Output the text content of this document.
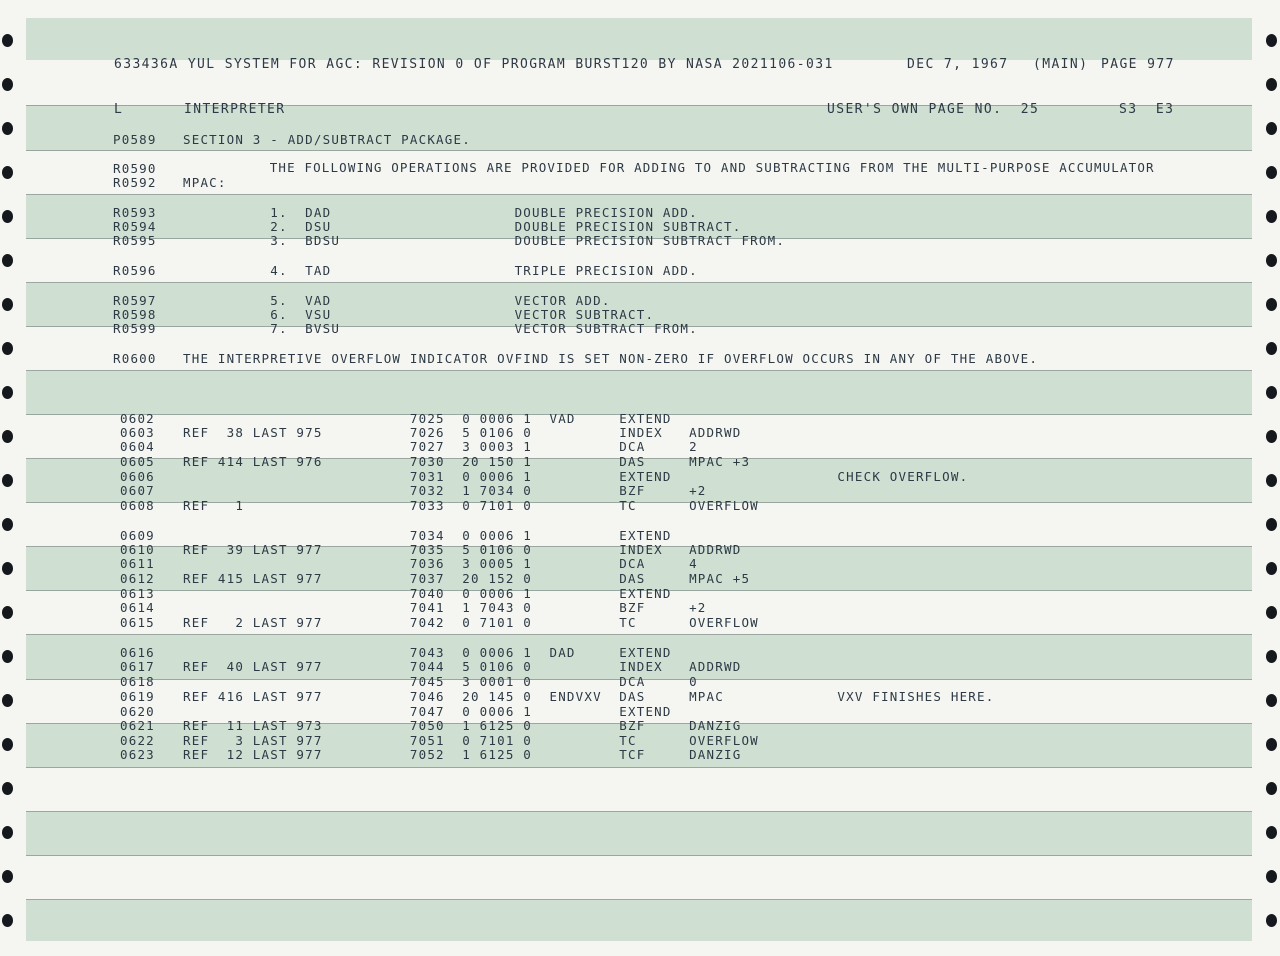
633436A YUL SYSTEM FOR AGC: REVISION 0 OF PROGRAM BURST120 BY NASA 2021106-031	DEC 7, 1967 (MAIN) PAGE 977
L	INTERPRETER	USER'S OWN PAGE NO.  25	S3  E3
P0589 SECTION 3 - ADD/SUBTRACT PACKAGE.
R0590 THE FOLLOWING OPERATIONS ARE PROVIDED FOR ADDING TO AND SUBTRACTING FROM THE MULTI-PURPOSE ACCUMULATOR
R0592 MPAC:
R0593 1.  DAD                     DOUBLE PRECISION ADD.
R0594 2.  DSU                     DOUBLE PRECISION SUBTRACT.
R0595 3.  BDSU                    DOUBLE PRECISION SUBTRACT FROM.
R0596 4.  TAD                     TRIPLE PRECISION ADD.
R0597 5.  VAD                     VECTOR ADD.
R0598 6.  VSU                     VECTOR SUBTRACT.
R0599 7.  BVSU                    VECTOR SUBTRACT FROM.
R0600 THE INTERPRETIVE OVERFLOW INDICATOR OVFIND IS SET NON-ZERO IF OVERFLOW OCCURS IN ANY OF THE ABOVE.
0602 7025  0 0006 1  VAD     EXTEND
0603 REF  38 LAST 975          7026  5 0106 0          INDEX   ADDRWD
0604 7027  3 0003 1          DCA     2
0605 REF 414 LAST 976          7030  20 150 1          DAS     MPAC +3
0606 7031  0 0006 1          EXTEND                   CHECK OVERFLOW.
0607 7032  1 7034 0          BZF     +2
0608 REF   1                   7033  0 7101 0          TC      OVERFLOW
0609 7034  0 0006 1          EXTEND
0610 REF  39 LAST 977          7035  5 0106 0          INDEX   ADDRWD
0611 7036  3 0005 1          DCA     4
0612 REF 415 LAST 977          7037  20 152 0          DAS     MPAC +5
0613 7040  0 0006 1          EXTEND
0614 7041  1 7043 0          BZF     +2
0615 REF   2 LAST 977          7042  0 7101 0          TC      OVERFLOW
0616 7043  0 0006 1  DAD     EXTEND
0617 REF  40 LAST 977          7044  5 0106 0          INDEX   ADDRWD
0618 7045  3 0001 0          DCA     0
0619 REF 416 LAST 977          7046  20 145 0  ENDVXV  DAS     MPAC             VXV FINISHES HERE.
0620 7047  0 0006 1          EXTEND
0621 REF  11 LAST 973          7050  1 6125 0          BZF     DANZIG
0622 REF   3 LAST 977          7051  0 7101 0          TC      OVERFLOW
0623 REF  12 LAST 977          7052  1 6125 0          TCF     DANZIG
